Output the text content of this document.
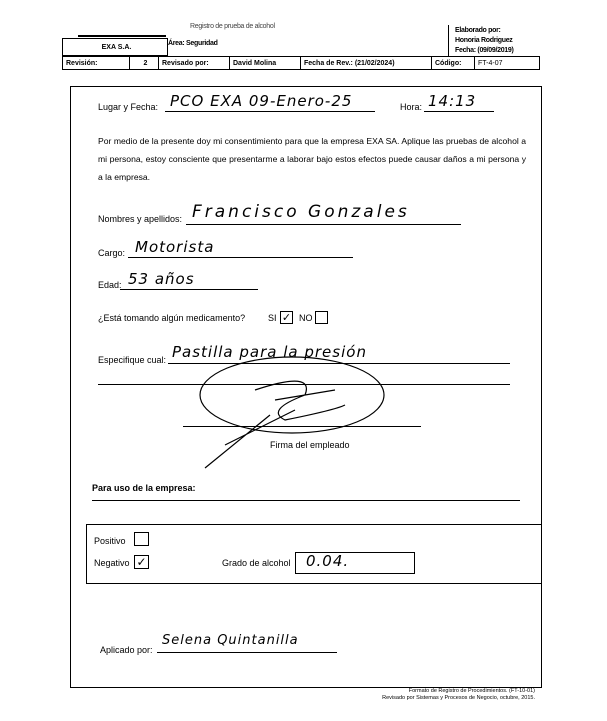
Registro de prueba de alcohol
EXA S.A.	Área: Seguridad
Elaborado por:
Honoria Rodriguez
Fecha: (09/09/2019)
Revisión:	2	Revisado por:	David Molina	Fecha de Rev.: (21/02/2024)	Código:	FT-4-07
Lugar y Fecha: PCO EXA 09-Enero-25	Hora: 14:13
Por medio de la presente doy mi consentimiento para que la empresa EXA SA. Aplique las pruebas de alcohol a mi persona, estoy consciente que presentarme a laborar bajo estos efectos puede causar daños a mi persona y a la empresa.
Nombres y apellidos: Francisco Gonzales
Cargo: Motorista
Edad: 53 años
¿Está tomando algún medicamento?	SI ✓ NO
Especifique cual: Pastilla para la presión
Firma del empleado
Para uso de la empresa:
Positivo
Negativo ✓	Grado de alcohol 0.04.
Aplicado por:
Selena Quintanilla
Formato de Registro de Procedimientos. (FT-10-01)
Revisado por Sistemas y Procesos de Negocio, octubre, 2015.
